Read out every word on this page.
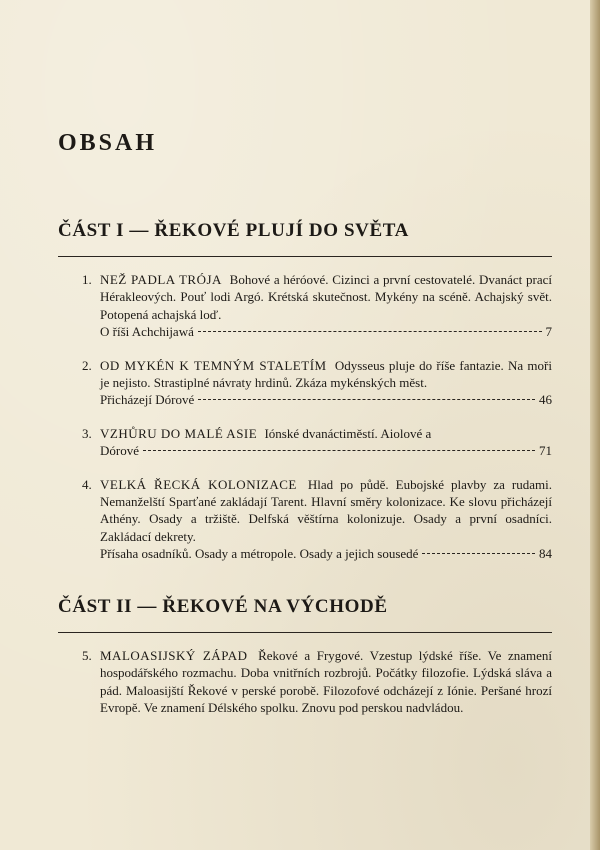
OBSAH
ČÁST I — ŘEKOVÉ PLUJÍ DO SVĚTA
1. NEŽ PADLA TRÓJA Bohové a héróové. Cizinci a první cestovatelé. Dvanáct prací Hérakleových. Pouť lodi Argó. Krétská skutečnost. Mykény na scéně. Achajský svět. Potopená achajská loď.
O říši Achchijawá	7
2. OD MYKÉN K TEMNÝM STALETÍM Odysseus pluje do říše fantazie. Na moři je nejisto. Strastiplné návraty hrdinů. Zkáza mykénských měst.
Přicházejí Dórové	46
3. VZHŮRU DO MALÉ ASIE Iónské dvanáctiměstí. Aiolové a
Dórové	71
4. VELKÁ ŘECKÁ KOLONIZACE Hlad po půdě. Eubojské plavby za rudami. Nemanželští Sparťané zakládají Tarent. Hlavní směry kolonizace. Ke slovu přicházejí Athény. Osady a tržiště. Delfská věštírna kolonizuje. Osady a první osadníci. Zakládací dekrety.
Přísaha osadníků. Osady a métropole. Osady a jejich sousedé	84
ČÁST II — ŘEKOVÉ NA VÝCHODĚ
5. MALOASIJSKÝ ZÁPAD Řekové a Frygové. Vzestup lýdské říše. Ve znamení hospodářského rozmachu. Doba vnitřních rozbrojů. Počátky filozofie. Lýdská sláva a pád. Maloasijští Řekové v perské porobě. Filozofové odcházejí z Iónie. Peršané hrozí Evropě. Ve znamení Délského spolku. Znovu pod perskou nadvládou.
